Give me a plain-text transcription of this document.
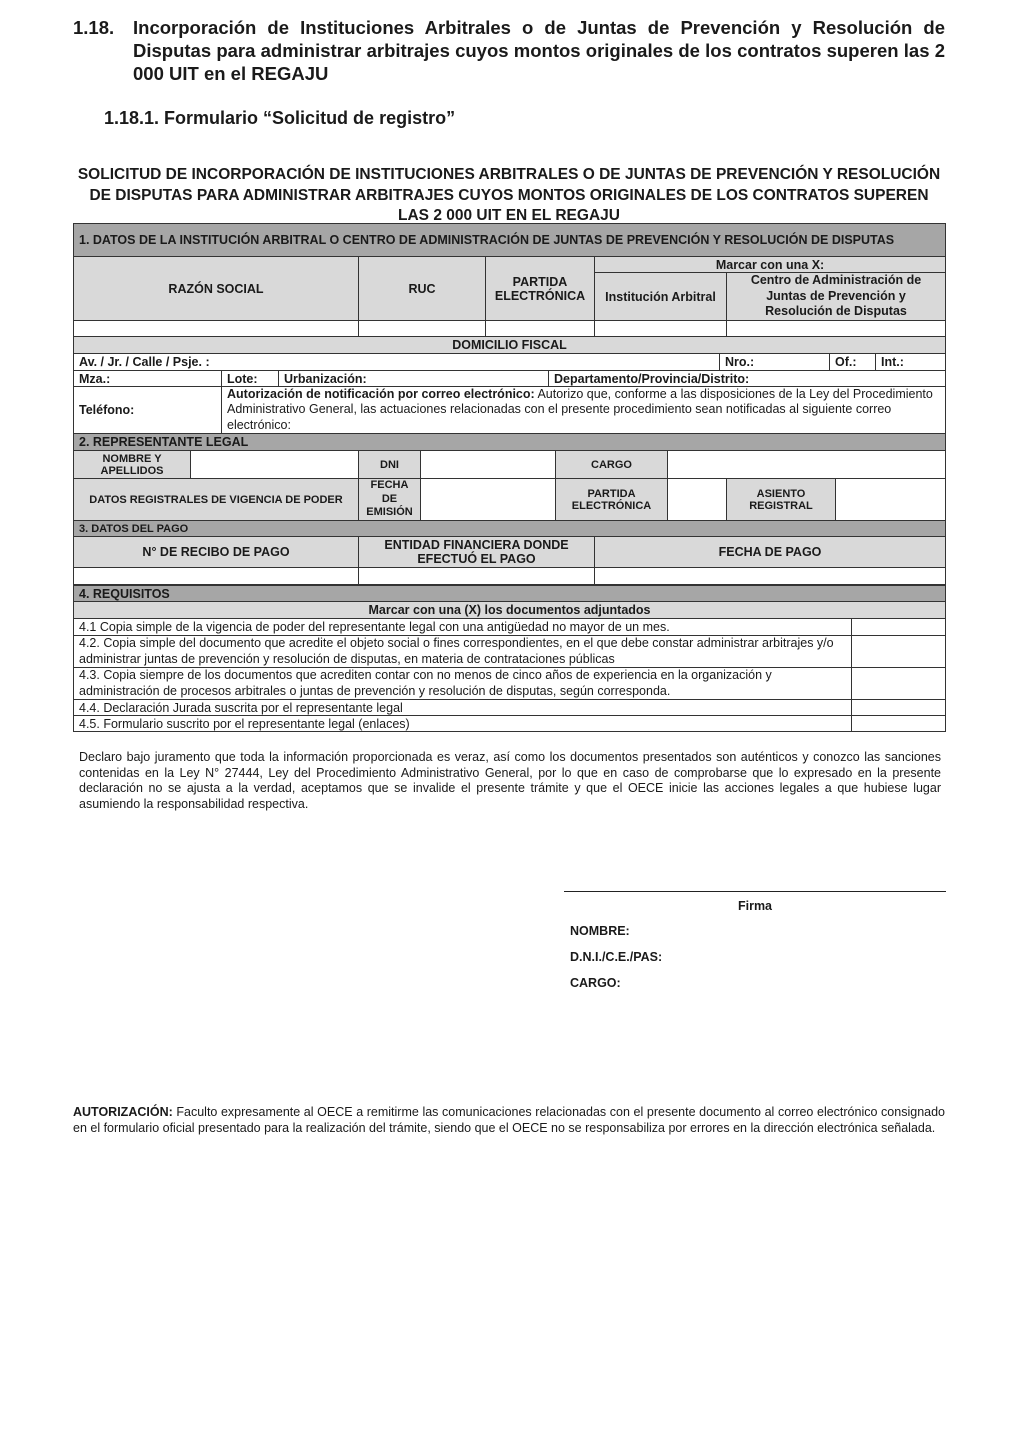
1.18. Incorporación de Instituciones Arbitrales o de Juntas de Prevención y Resolución de Disputas para administrar arbitrajes cuyos montos originales de los contratos superen las 2 000 UIT en el REGAJU
1.18.1. Formulario “Solicitud de registro”
SOLICITUD DE INCORPORACIÓN DE INSTITUCIONES ARBITRALES O DE JUNTAS DE PREVENCIÓN Y RESOLUCIÓN DE DISPUTAS PARA ADMINISTRAR ARBITRAJES CUYOS MONTOS ORIGINALES DE LOS CONTRATOS SUPEREN LAS 2 000 UIT EN EL REGAJU
1. DATOS DE LA INSTITUCIÓN ARBITRAL O CENTRO DE ADMINISTRACIÓN DE JUNTAS DE PREVENCIÓN Y RESOLUCIÓN DE DISPUTAS				
RAZÓN SOCIAL	RUC	PARTIDA ELECTRÓNICA	Marcar con una X:	
			Institución Arbitral	Centro de Administración de Juntas de Prevención y Resolución de Disputas

DOMICILIO FISCAL						
Av. / Jr. / Calle / Psje. :				Nro.:	Of.:	Int.:
Mza.:	Lote:	Urbanización:	Departamento/Provincia/Distrito:			
Teléfono:	Autorización de notificación por correo electrónico: Autorizo que, conforme a las disposiciones de la Ley del Procedimiento Administrativo General, las actuaciones relacionadas con el presente procedimiento sean notificadas al siguiente correo electrónico:					
2. REPRESENTANTE LEGAL							
NOMBRE Y APELLIDOS		DNI		CARGO			
DATOS REGISTRALES DE VIGENCIA DE PODER		FECHA DE EMISIÓN		PARTIDA ELECTRÓNICA		ASIENTO REGISTRAL	
3. DATOS DEL PAGO		
N° DE RECIBO DE PAGO	ENTIDAD FINANCIERA DONDE EFECTUÓ EL PAGO	FECHA DE PAGO

4. REQUISITOS	
Marcar con una (X) los documentos adjuntados	
4.1 Copia simple de la vigencia de poder del representante legal con una antigüedad no mayor de un mes.	
4.2. Copia simple del documento que acredite el objeto social o fines correspondientes, en el que debe constar administrar arbitrajes y/o administrar juntas de prevención y resolución de disputas, en materia de contrataciones públicas	
4.3. Copia siempre de los documentos que acrediten contar con no menos de cinco años de experiencia en la organización y administración de procesos arbitrales o juntas de prevención y resolución de disputas, según corresponda.	
4.4. Declaración Jurada suscrita por el representante legal	
4.5. Formulario suscrito por el representante legal (enlaces)	
Declaro bajo juramento que toda la información proporcionada es veraz, así como los documentos presentados son auténticos y conozco las sanciones contenidas en la Ley N° 27444, Ley del Procedimiento Administrativo General, por lo que en caso de comprobarse que lo expresado en la presente declaración no se ajusta a la verdad, aceptamos que se invalide el presente trámite y que el OECE inicie las acciones legales a que hubiese lugar asumiendo la responsabilidad respectiva.
Firma
NOMBRE:
D.N.I./C.E./PAS:
CARGO:
AUTORIZACIÓN: Faculto expresamente al OECE a remitirme las comunicaciones relacionadas con el presente documento al correo electrónico consignado en el formulario oficial presentado para la realización del trámite, siendo que el OECE no se responsabiliza por errores en la dirección electrónica señalada.
